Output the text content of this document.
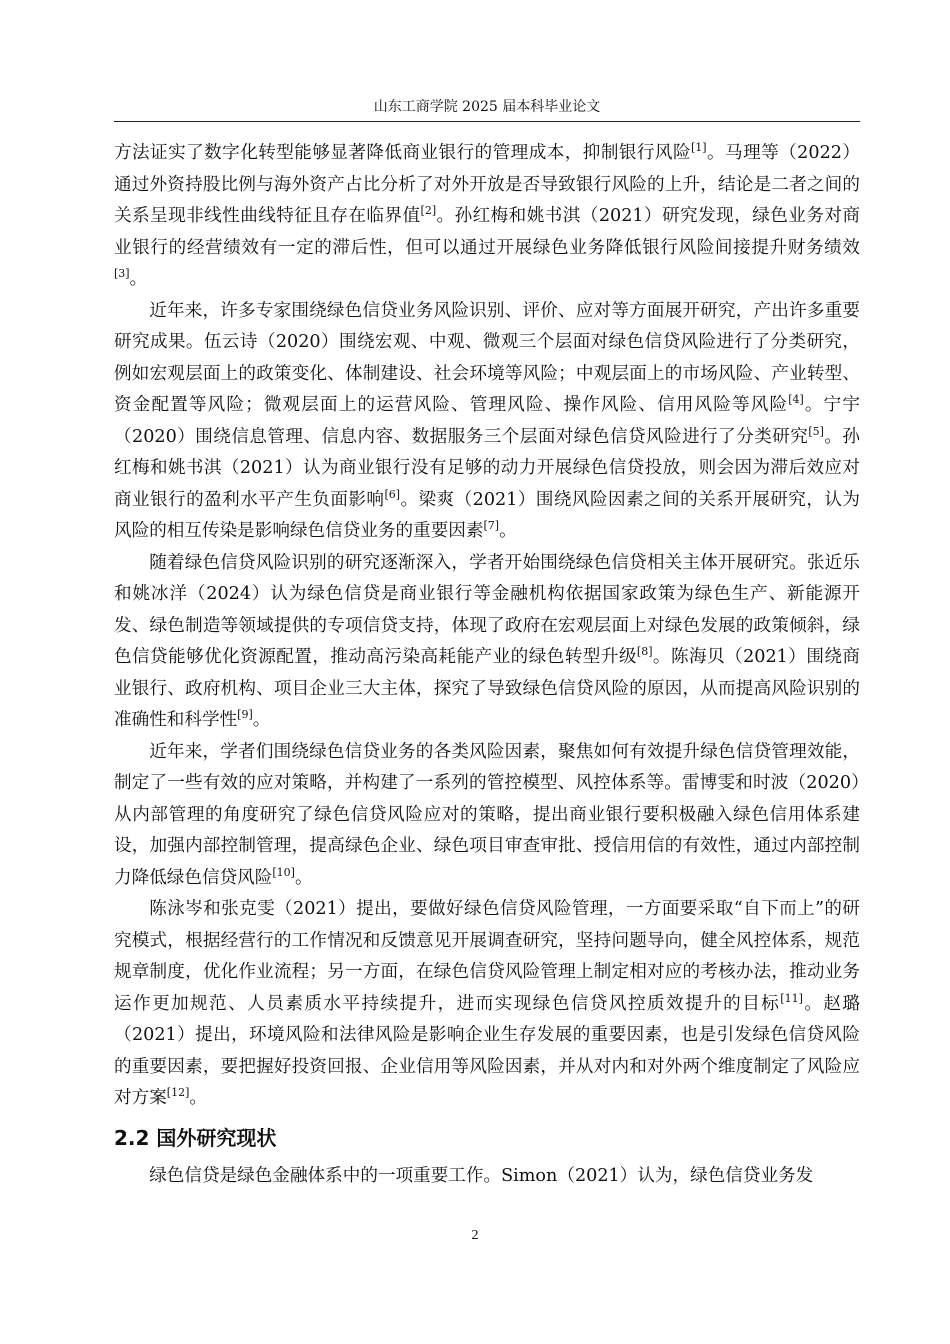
山东工商学院 2025 届本科毕业论文

方法证实了数字化转型能够显著降低商业银行的管理成本，抑制银行风险[1]。马理等（2022）通过外资持股比例与海外资产占比分析了对外开放是否导致银行风险的上升，结论是二者之间的关系呈现非线性曲线特征且存在临界值[2]。孙红梅和姚书淇（2021）研究发现，绿色业务对商业银行的经营绩效有一定的滞后性，但可以通过开展绿色业务降低银行风险间接提升财务绩效[3]。

近年来，许多专家围绕绿色信贷业务风险识别、评价、应对等方面展开研究，产出许多重要研究成果。伍云诗（2020）围绕宏观、中观、微观三个层面对绿色信贷风险进行了分类研究，例如宏观层面上的政策变化、体制建设、社会环境等风险；中观层面上的市场风险、产业转型、资金配置等风险；微观层面上的运营风险、管理风险、操作风险、信用风险等风险[4]。宁宇（2020）围绕信息管理、信息内容、数据服务三个层面对绿色信贷风险进行了分类研究[5]。孙红梅和姚书淇（2021）认为商业银行没有足够的动力开展绿色信贷投放，则会因为滞后效应对商业银行的盈利水平产生负面影响[6]。梁爽（2021）围绕风险因素之间的关系开展研究，认为风险的相互传染是影响绿色信贷业务的重要因素[7]。

随着绿色信贷风险识别的研究逐渐深入，学者开始围绕绿色信贷相关主体开展研究。张近乐和姚冰洋（2024）认为绿色信贷是商业银行等金融机构依据国家政策为绿色生产、新能源开发、绿色制造等领域提供的专项信贷支持，体现了政府在宏观层面上对绿色发展的政策倾斜，绿色信贷能够优化资源配置，推动高污染高耗能产业的绿色转型升级[8]。陈海贝（2021）围绕商业银行、政府机构、项目企业三大主体，探究了导致绿色信贷风险的原因，从而提高风险识别的准确性和科学性[9]。

近年来，学者们围绕绿色信贷业务的各类风险因素，聚焦如何有效提升绿色信贷管理效能，制定了一些有效的应对策略，并构建了一系列的管控模型、风控体系等。雷博雯和时波（2020）从内部管理的角度研究了绿色信贷风险应对的策略，提出商业银行要积极融入绿色信用体系建设，加强内部控制管理，提高绿色企业、绿色项目审查审批、授信用信的有效性，通过内部控制力降低绿色信贷风险[10]。

陈泳岑和张克雯（2021）提出，要做好绿色信贷风险管理，一方面要采取“自下而上”的研究模式，根据经营行的工作情况和反馈意见开展调查研究，坚持问题导向，健全风控体系，规范规章制度，优化作业流程；另一方面，在绿色信贷风险管理上制定相对应的考核办法，推动业务运作更加规范、人员素质水平持续提升，进而实现绿色信贷风控质效提升的目标[11]。赵璐（2021）提出，环境风险和法律风险是影响企业生存发展的重要因素，也是引发绿色信贷风险的重要因素，要把握好投资回报、企业信用等风险因素，并从对内和对外两个维度制定了风险应对方案[12]。

2.2 国外研究现状

绿色信贷是绿色金融体系中的一项重要工作。Simon（2021）认为，绿色信贷业务发

2
